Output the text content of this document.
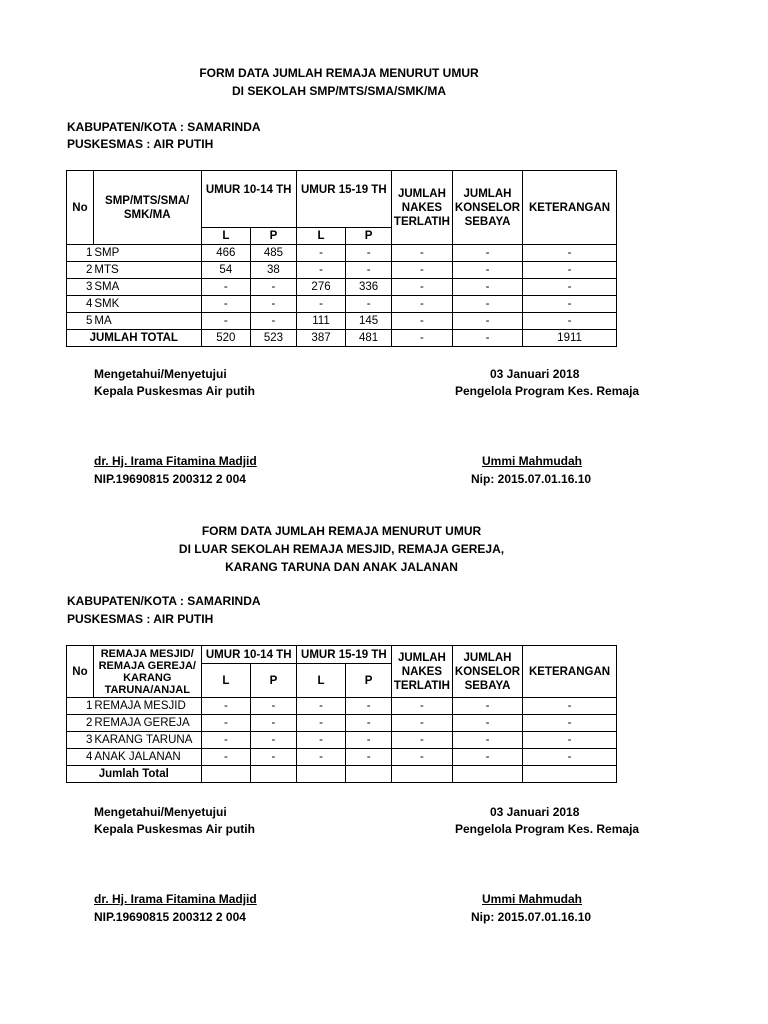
FORM DATA JUMLAH REMAJA MENURUT UMUR
DI SEKOLAH SMP/MTS/SMA/SMK/MA
KABUPATEN/KOTA : SAMARINDA
PUSKESMAS : AIR PUTIH
No	SMP/MTS/SMA/ SMK/MA	UMUR 10-14 TH		UMUR 15-19 TH		JUMLAH NAKES TERLATIH	JUMLAH KONSELOR SEBAYA	KETERANGAN
		L	P	L	P			
1	SMP	466	485	-	-	-	-	-
2	MTS	54	38	-	-	-	-	-
3	SMA	-	-	276	336	-	-	-
4	SMK	-	-	-	-	-	-	-
5	MA	-	-	111	145	-	-	-
JUMLAH TOTAL		520	523	387	481	-	-	1911
Mengetahui/Menyetujui
Kepala Puskesmas Air putih
03 Januari 2018
Pengelola Program Kes. Remaja
dr. Hj. Irama Fitamina Madjid
NIP.19690815 200312 2 004
Ummi Mahmudah
Nip: 2015.07.01.16.10
FORM DATA JUMLAH REMAJA MENURUT UMUR
DI LUAR SEKOLAH REMAJA MESJID, REMAJA GEREJA,
KARANG TARUNA DAN ANAK JALANAN
KABUPATEN/KOTA : SAMARINDA
PUSKESMAS : AIR PUTIH
No	REMAJA MESJID/
REMAJA GEREJA/
KARANG
TARUNA/ANJAL	UMUR 10-14 TH		UMUR 15-19 TH		JUMLAH NAKES TERLATIH	JUMLAH KONSELOR SEBAYA	KETERANGAN
		L	P	L	P			
1	REMAJA MESJID	-	-	-	-	-	-	-
2	REMAJA GEREJA	-	-	-	-	-	-	-
3	KARANG TARUNA	-	-	-	-	-	-	-
4	ANAK JALANAN	-	-	-	-	-	-	-
Jumlah Total								
Mengetahui/Menyetujui
Kepala Puskesmas Air putih
03 Januari 2018
Pengelola Program Kes. Remaja
dr. Hj. Irama Fitamina Madjid
NIP.19690815 200312 2 004
Ummi Mahmudah
Nip: 2015.07.01.16.10
